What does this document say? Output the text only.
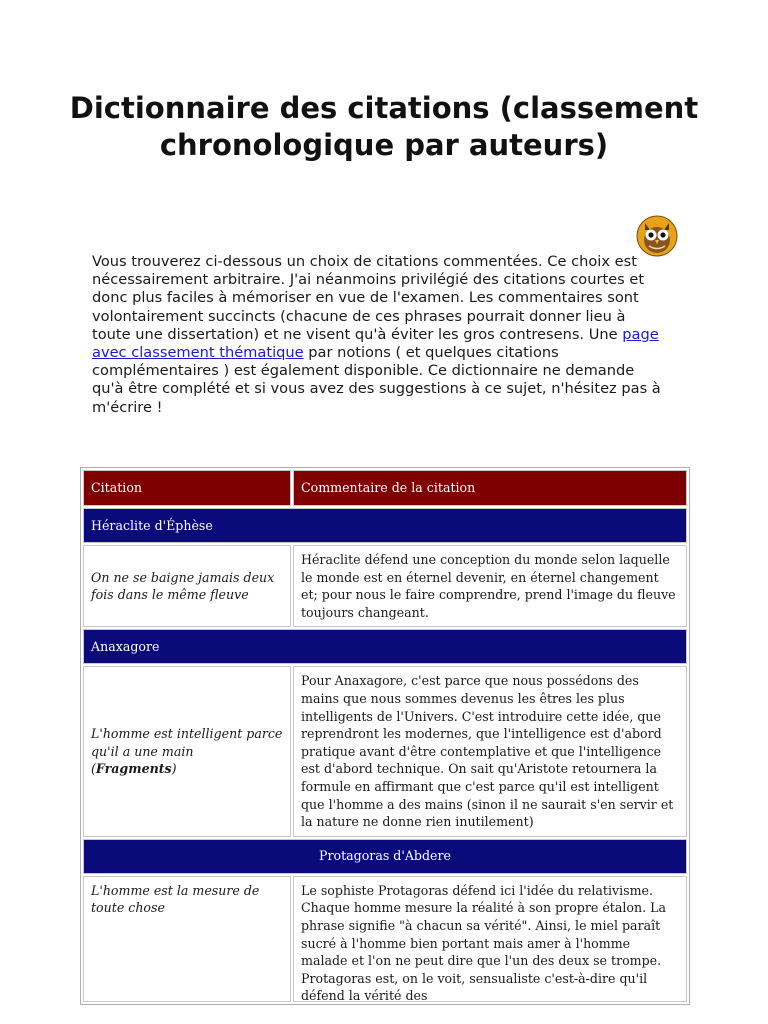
Dictionnaire des citations (classement chronologique par auteurs)

Vous trouverez ci-dessous un choix de citations commentées. Ce choix est nécessairement arbitraire. J'ai néanmoins privilégié des citations courtes et donc plus faciles à mémoriser en vue de l'examen. Les commentaires sont volontairement succincts (chacune de ces phrases pourrait donner lieu à toute une dissertation) et ne visent qu'à éviter les gros contresens. Une page avec classement thématique par notions ( et quelques citations complémentaires ) est également disponible. Ce dictionnaire ne demande qu'à être complété et si vous avez des suggestions à ce sujet, n'hésitez pas à m'écrire !

Citation	Commentaire de la citation
Héraclite d'Éphèse	
On ne se baigne jamais deux fois dans le même fleuve	Héraclite défend une conception du monde selon laquelle le monde est en éternel devenir, en éternel changement et; pour nous le faire comprendre, prend l'image du fleuve toujours changeant.
Anaxagore	
L'homme est intelligent parce qu'il a une main (Fragments)	Pour Anaxagore, c'est parce que nous possédons des mains que nous sommes devenus les êtres les plus intelligents de l'Univers. C'est introduire cette idée, que reprendront les modernes, que l'intelligence est d'abord pratique avant d'être contemplative et que l'intelligence est d'abord technique. On sait qu'Aristote retournera la formule en affirmant que c'est parce qu'il est intelligent que l'homme a des mains (sinon il ne saurait s'en servir et la nature ne donne rien inutilement)
Protagoras d'Abdere	
L'homme est la mesure de toute chose	Le sophiste Protagoras défend ici l'idée du relativisme. Chaque homme mesure la réalité à son propre étalon. La phrase signifie "à chacun sa vérité". Ainsi, le miel paraît sucré à l'homme bien portant mais amer à l'homme malade et l'on ne peut dire que l'un des deux se trompe. Protagoras est, on le voit, sensualiste c'est-à-dire qu'il défend la vérité des
